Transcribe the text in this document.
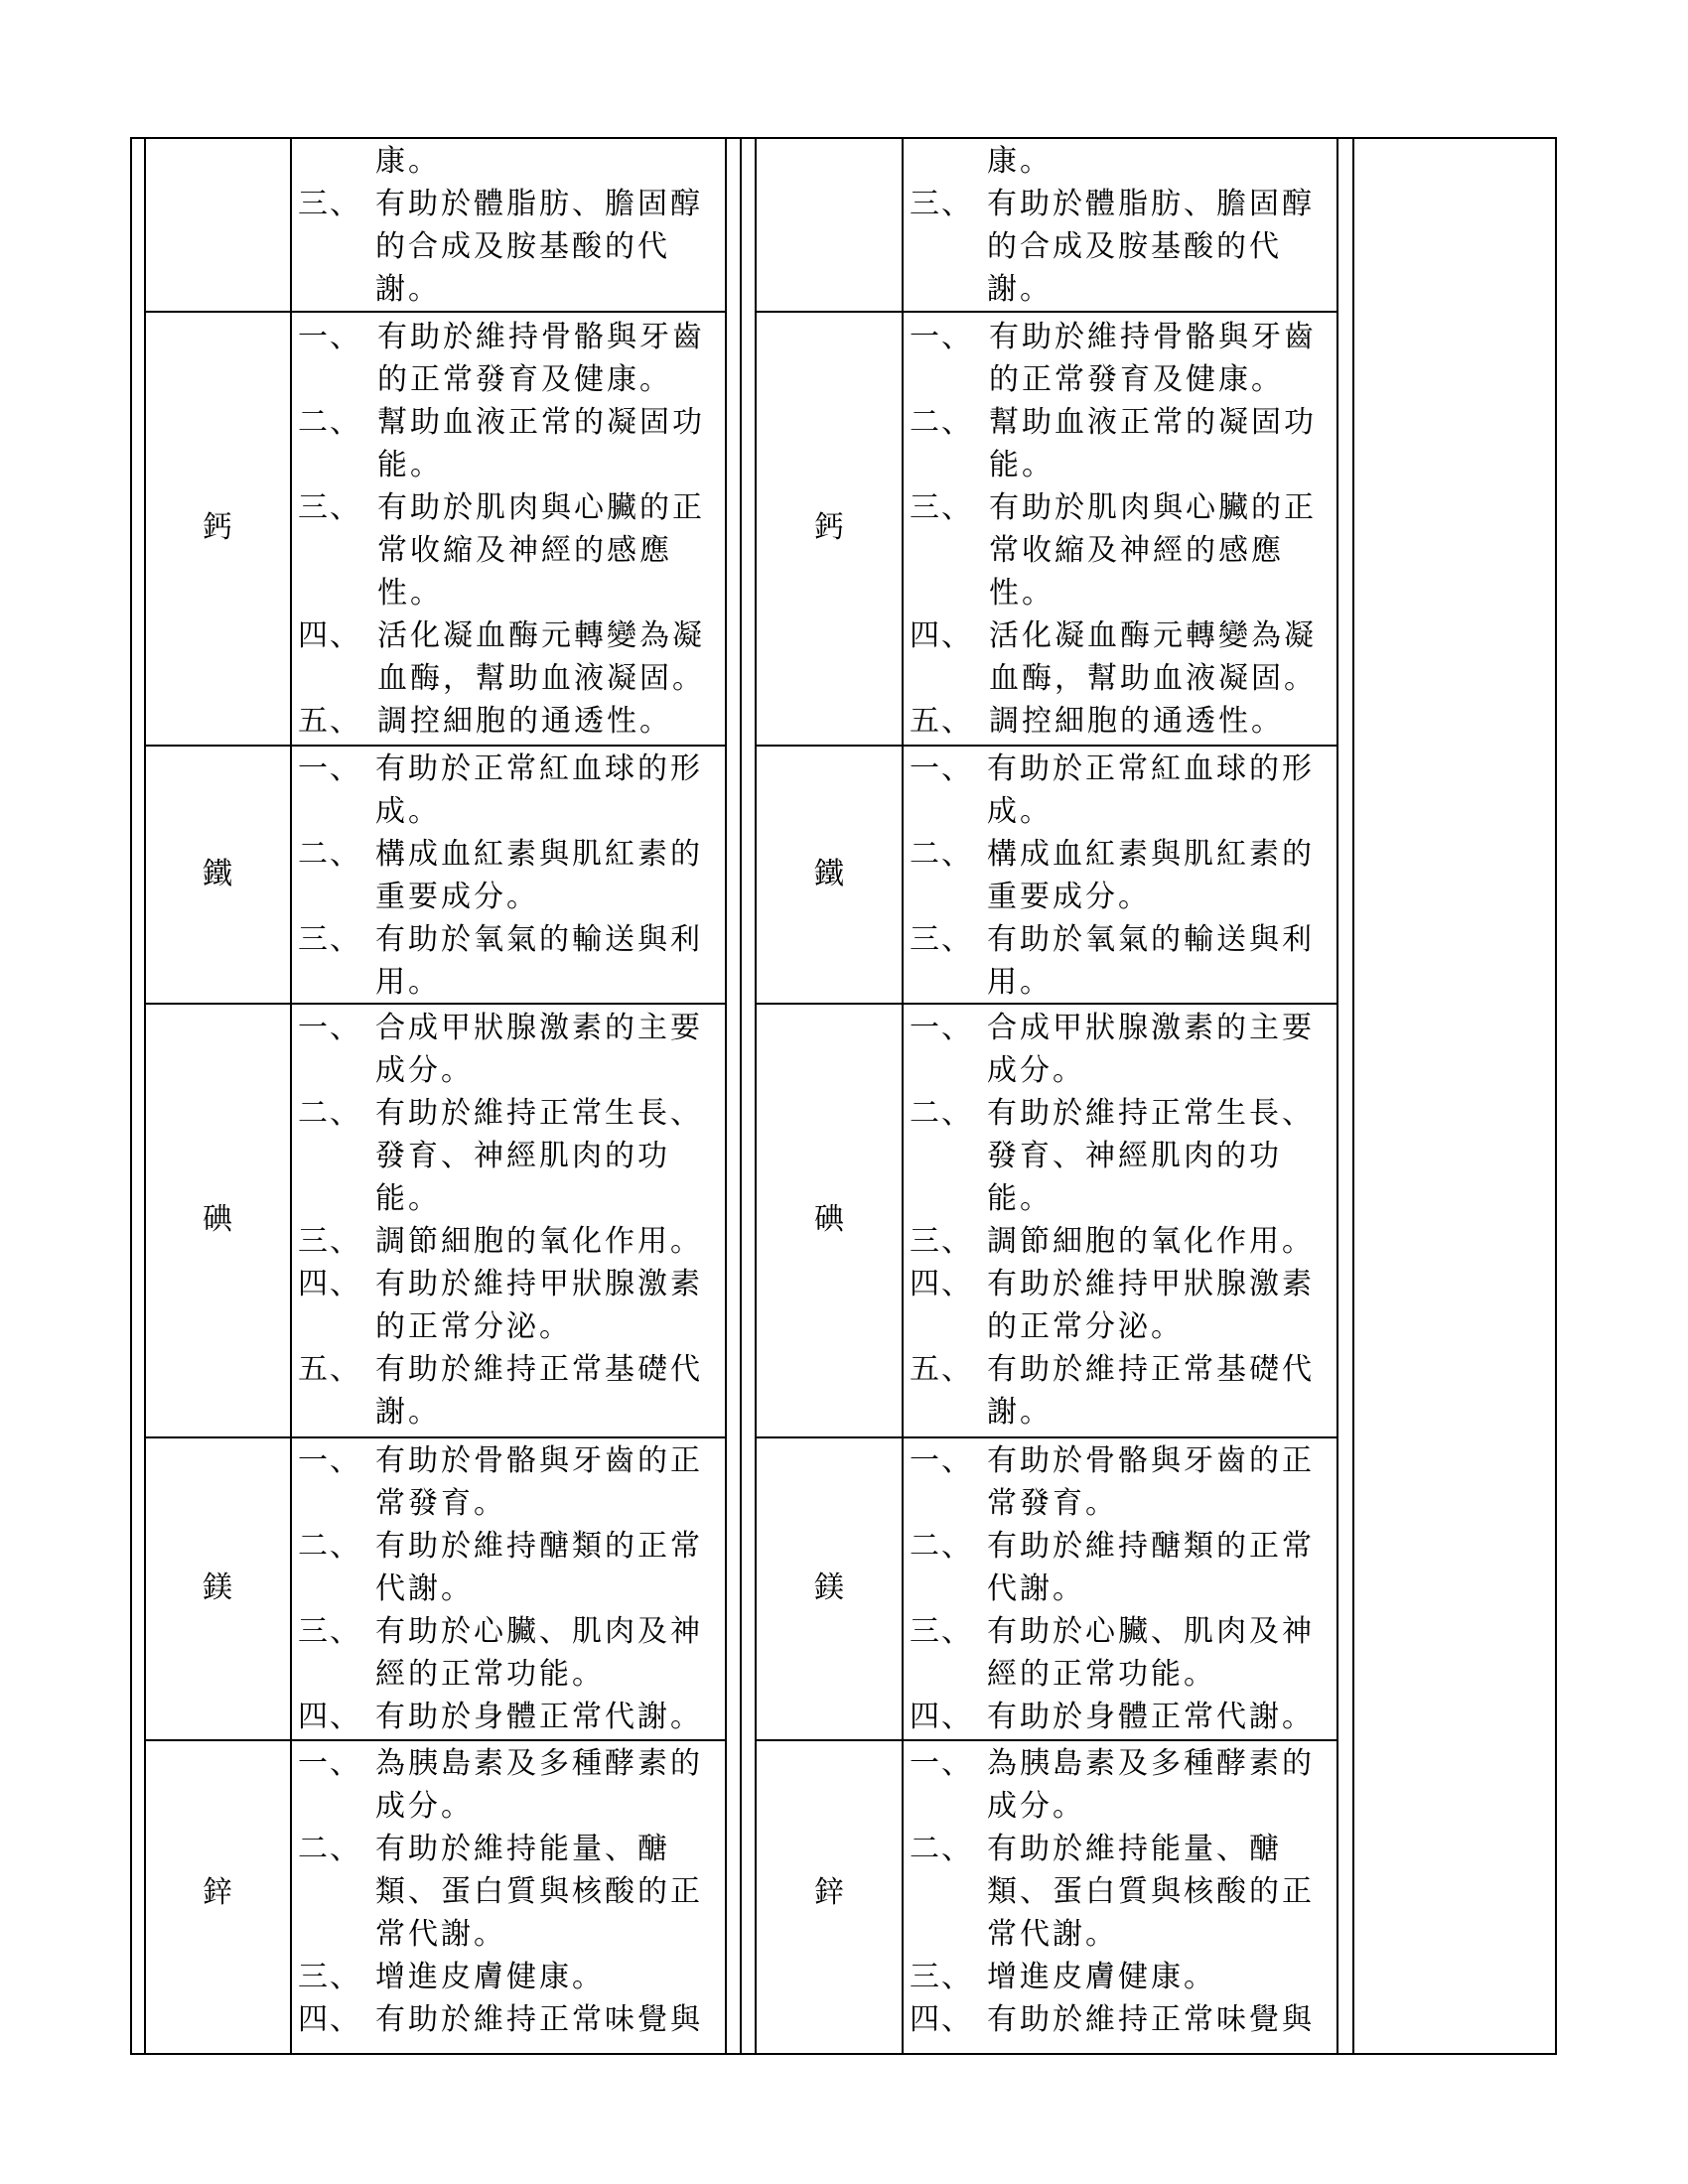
康。
三、 有助於體脂肪、膽固醇
的合成及胺基酸的代
謝。
鈣
一、 有助於維持骨骼與牙齒
的正常發育及健康。
二、 幫助血液正常的凝固功
能。
三、 有助於肌肉與心臟的正
常收縮及神經的感應
性。
四、 活化凝血酶元轉變為凝
血酶，幫助血液凝固。
五、 調控細胞的通透性。
鐵
一、 有助於正常紅血球的形
成。
二、 構成血紅素與肌紅素的
重要成分。
三、 有助於氧氣的輸送與利
用。
碘
一、 合成甲狀腺激素的主要
成分。
二、 有助於維持正常生長、
發育、神經肌肉的功
能。
三、 調節細胞的氧化作用。
四、 有助於維持甲狀腺激素
的正常分泌。
五、 有助於維持正常基礎代
謝。
鎂
一、 有助於骨骼與牙齒的正
常發育。
二、 有助於維持醣類的正常
代謝。
三、 有助於心臟、肌肉及神
經的正常功能。
四、 有助於身體正常代謝。
鋅
一、 為胰島素及多種酵素的
成分。
二、 有助於維持能量、醣
類、蛋白質與核酸的正
常代謝。
三、 增進皮膚健康。
四、 有助於維持正常味覺與
康。
三、 有助於體脂肪、膽固醇
的合成及胺基酸的代
謝。
鈣
一、 有助於維持骨骼與牙齒
的正常發育及健康。
二、 幫助血液正常的凝固功
能。
三、 有助於肌肉與心臟的正
常收縮及神經的感應
性。
四、 活化凝血酶元轉變為凝
血酶，幫助血液凝固。
五、 調控細胞的通透性。
鐵
一、 有助於正常紅血球的形
成。
二、 構成血紅素與肌紅素的
重要成分。
三、 有助於氧氣的輸送與利
用。
碘
一、 合成甲狀腺激素的主要
成分。
二、 有助於維持正常生長、
發育、神經肌肉的功
能。
三、 調節細胞的氧化作用。
四、 有助於維持甲狀腺激素
的正常分泌。
五、 有助於維持正常基礎代
謝。
鎂
一、 有助於骨骼與牙齒的正
常發育。
二、 有助於維持醣類的正常
代謝。
三、 有助於心臟、肌肉及神
經的正常功能。
四、 有助於身體正常代謝。
鋅
一、 為胰島素及多種酵素的
成分。
二、 有助於維持能量、醣
類、蛋白質與核酸的正
常代謝。
三、 增進皮膚健康。
四、 有助於維持正常味覺與
